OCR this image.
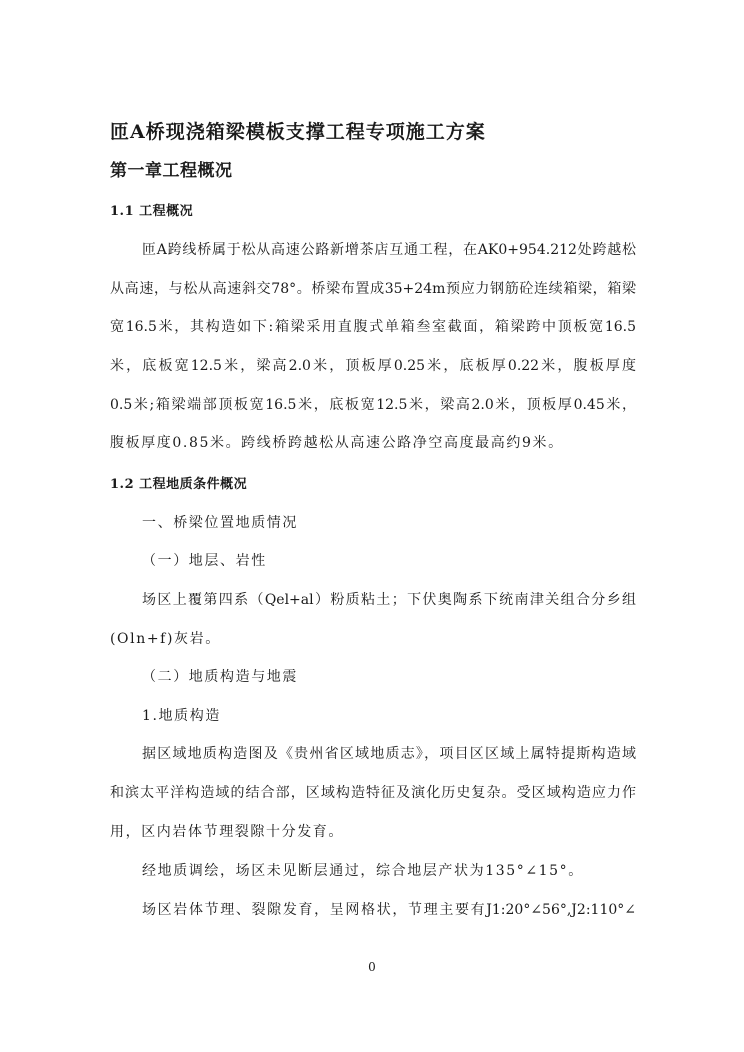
匝A桥现浇箱梁模板支撑工程专项施工方案
第一章工程概况
1.1 工程概况
匝A跨线桥属于松从高速公路新增茶店互通工程，在AK0+954.212处跨越松
从高速，与松从高速斜交78°。桥梁布置成35+24m预应力钢筋砼连续箱梁，箱梁
宽16.5米，其构造如下:箱梁采用直腹式单箱叁室截面，箱梁跨中顶板宽16.5
米，底板宽12.5米，梁高2.0米，顶板厚0.25米，底板厚0.22米，腹板厚度
0.5米;箱梁端部顶板宽16.5米，底板宽12.5米，梁高2.0米，顶板厚0.45米，
腹板厚度0.85米。跨线桥跨越松从高速公路净空高度最高约9米。
1.2 工程地质条件概况
一、桥梁位置地质情况
（一）地层、岩性
场区上覆第四系（Qel+al）粉质粘土；下伏奥陶系下统南津关组合分乡组
(Oln+f)灰岩。
（二）地质构造与地震
1.地质构造
据区域地质构造图及《贵州省区域地质志》，项目区区域上属特提斯构造域
和滨太平洋构造域的结合部，区域构造特征及演化历史复杂。受区域构造应力作
用，区内岩体节理裂隙十分发育。
经地质调绘，场区未见断层通过，综合地层产状为135°∠15°。
场区岩体节理、裂隙发育，呈网格状，节理主要有J1:20°∠56°,J2:110°∠
0
